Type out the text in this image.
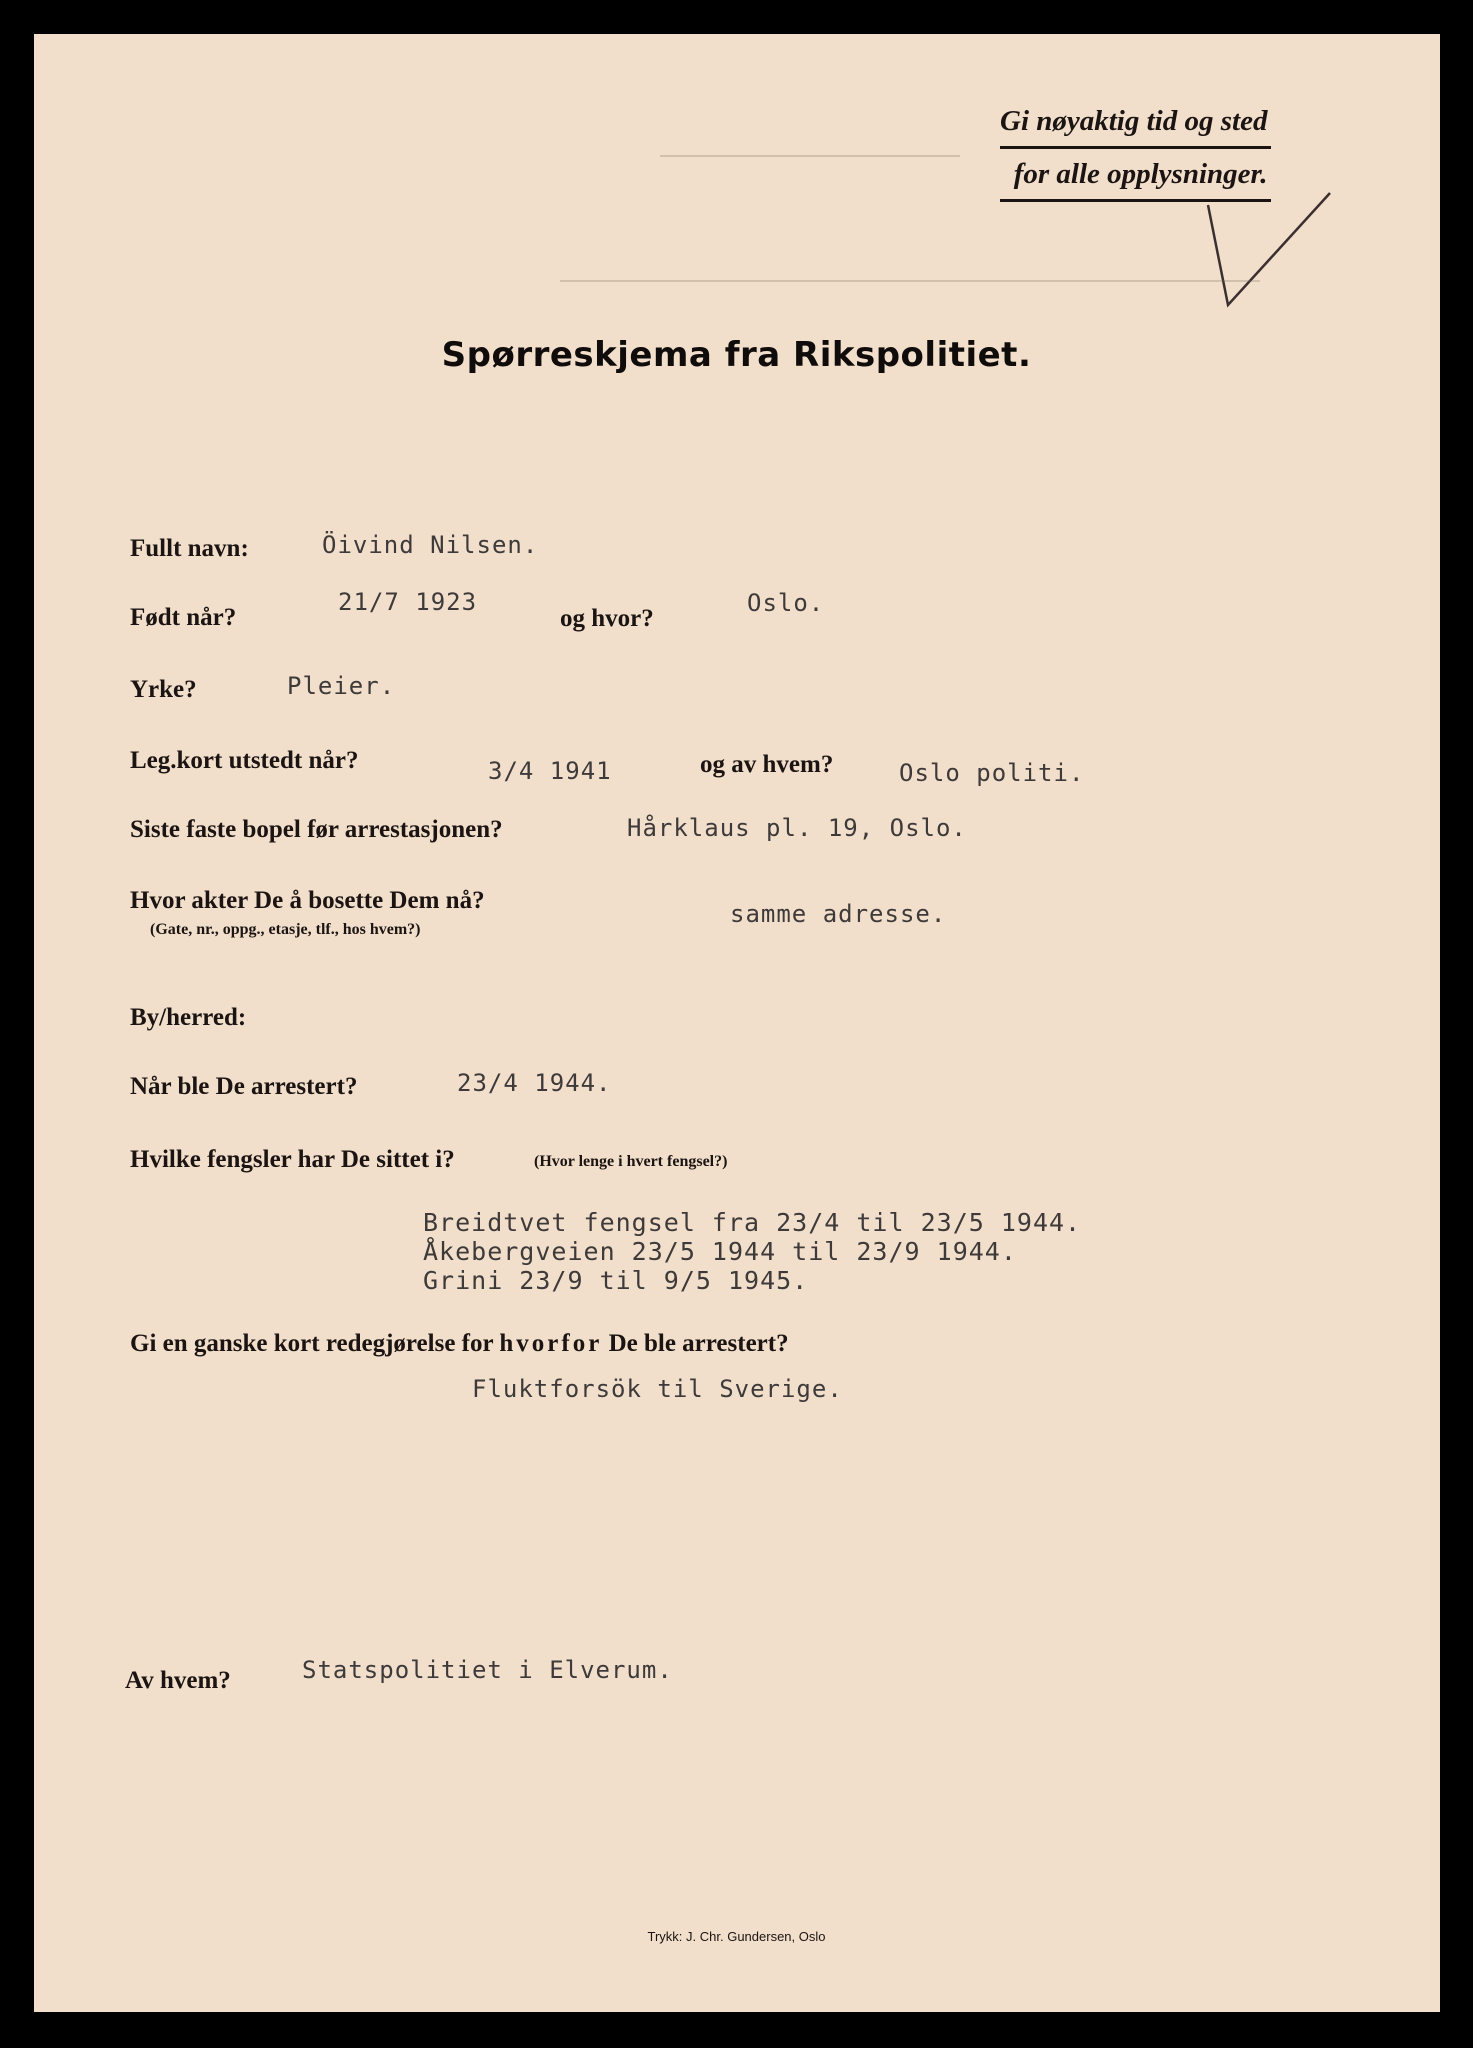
Gi nøyaktig tid og sted
for alle opplysninger.
Spørreskjema fra Rikspolitiet.
Fullt navn:	Öivind Nilsen.
Født når?
21/7 1923
og hvor?
Oslo.
Yrke?	Pleier.
Leg.kort utstedt når?	3/4 1941	og av hvem?	Oslo politi.
Siste faste bopel før arrestasjonen?	Hårklaus pl. 19, Oslo.
Hvor akter De å bosette Dem nå?
(Gate, nr., oppg., etasje, tlf., hos hvem?)
samme adresse.
By/herred:
Når ble De arrestert?	23/4 1944.
Hvilke fengsler har De sittet i?	(Hvor lenge i hvert fengsel?)
Breidtvet fengsel fra 23/4 til 23/5 1944.
Åkebergveien 23/5 1944 til 23/9 1944.
Grini 23/9 til 9/5 1945.
Gi en ganske kort redegjørelse for hvorfor De ble arrestert?
Fluktforsök til Sverige.
Av hvem?	Statspolitiet i Elverum.
Trykk: J. Chr. Gundersen, Oslo
